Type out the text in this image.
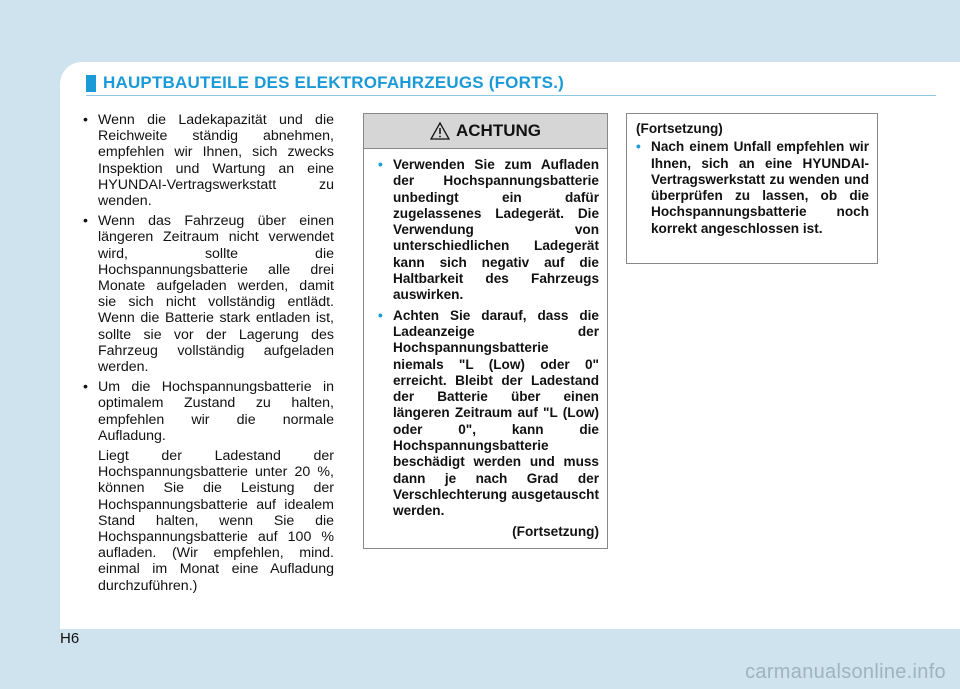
HAUPTBAUTEILE DES ELEKTROFAHRZEUGS (FORTS.)
• Wenn die Ladekapazität und die Reichweite ständig abnehmen, empfehlen wir Ihnen, sich zwecks Inspektion und Wartung an eine HYUNDAI-Vertragswerkstatt zu wenden.
• Wenn das Fahrzeug über einen längeren Zeitraum nicht verwendet wird, sollte die Hochspannungsbatterie alle drei Monate aufgeladen werden, damit sie sich nicht vollständig entlädt. Wenn die Batterie stark entladen ist, sollte sie vor der Lagerung des Fahrzeug vollständig aufgeladen werden.
• Um die Hochspannungsbatterie in optimalem Zustand zu halten, empfehlen wir die normale Aufladung.

Liegt der Ladestand der Hochspannungsbatterie unter 20 %, können Sie die Leistung der Hochspannungsbatterie auf idealem Stand halten, wenn Sie die Hochspannungsbatterie auf 100 % aufladen. (Wir empfehlen, mind. einmal im Monat eine Aufladung durchzuführen.)

ACHTUNG
• Verwenden Sie zum Aufladen der Hochspannungsbatterie unbedingt ein dafür zugelassenes Ladegerät. Die Verwendung von unterschiedlichen Ladegerät kann sich negativ auf die Haltbarkeit des Fahrzeugs auswirken.
• Achten Sie darauf, dass die Ladeanzeige der Hochspannungsbatterie niemals "L (Low) oder 0" erreicht. Bleibt der Ladestand der Batterie über einen längeren Zeitraum auf "L (Low) oder 0", kann die Hochspannungsbatterie beschädigt werden und muss dann je nach Grad der Verschlechterung ausgetauscht werden.
(Fortsetzung)
(Fortsetzung)
• Nach einem Unfall empfehlen wir Ihnen, sich an eine HYUNDAI-Vertragswerkstatt zu wenden und überprüfen zu lassen, ob die Hochspannungsbatterie noch korrekt angeschlossen ist.
H6
carmanualsonline.info
